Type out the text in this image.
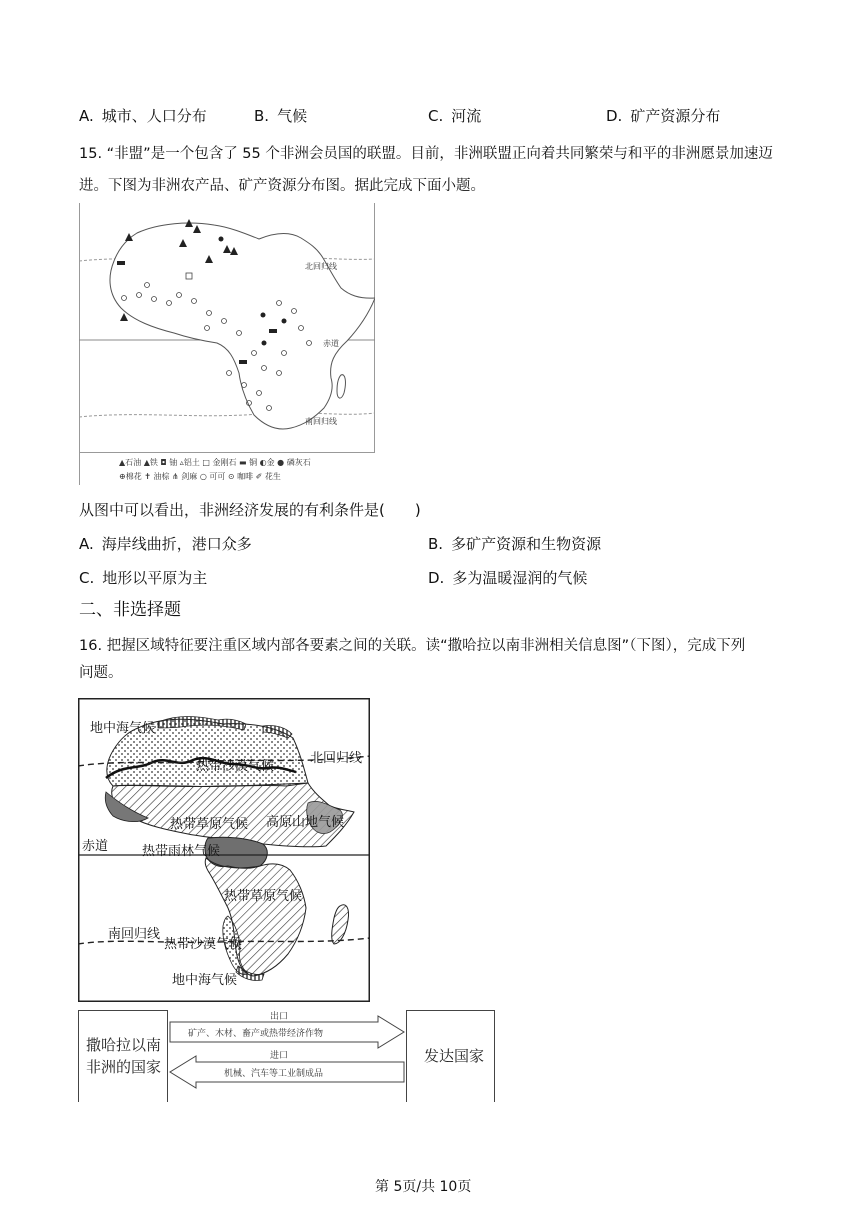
A. 城市、人口分布	B. 气候	C. 河流	D. 矿产资源分布
15. “非盟”是一个包含了 55 个非洲会员国的联盟。目前，非洲联盟正向着共同繁荣与和平的非洲愿景加速迈
进。下图为非洲农产品、矿产资源分布图。据此完成下面小题。
北回归线
赤道
南回归线
▲石油 ▲铁 ◘ 铀 ▵铝土 □ 金刚石 ▬ 铜 ◐金 ● 磷灰石
⊕棉花 ✝ 油棕 ⋔ 剑麻 ○ 可可 ⊙ 咖啡 ✐ 花生
从图中可以看出，非洲经济发展的有利条件是(　　)
A. 海岸线曲折，港口众多	B. 多矿产资源和生物资源
C. 地形以平原为主	D. 多为温暖湿润的气候
二、非选择题
16. 把握区域特征要注重区域内部各要素之间的关联。读“撒哈拉以南非洲相关信息图”（下图），完成下列
问题。
地中海气候
北回归线
热带沙漠气候
热带草原气候 高原山地气候
赤道	热带雨林气候
热带草原气候
南回归线
热带沙漠气候
地中海气候
撒哈拉以南
非洲的国家
发达国家
出口
矿产、木材、畜产或热带经济作物
进口
机械、汽车等工业制成品
第 5页/共 10页
